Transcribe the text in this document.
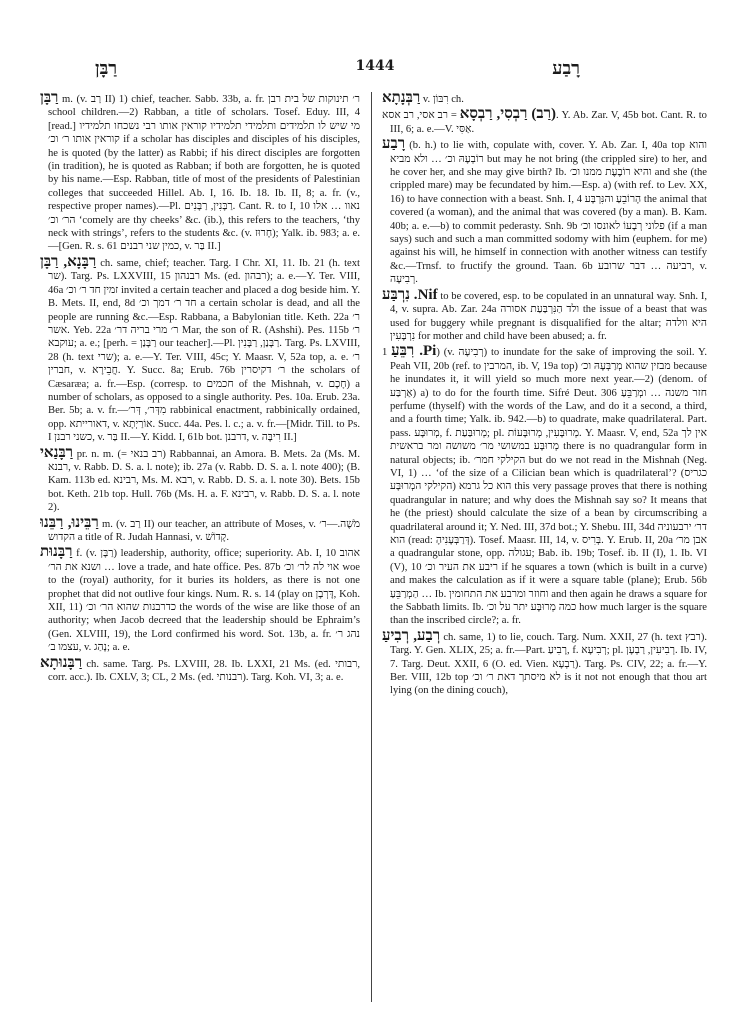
רַבָּן	1444	רָבַע

רַבָּן m. (v. רַב II) 1) chief, teacher. Sabb. 33b, a. fr. ר׳ תינוקות של בית רבן school children.—2) Rabban, a title of scholars. Tosef. Eduy. III, 4 [read.] מי שיש לו תלמידים ותלמידי תלמידיו קוראין אותו רבי נשכחו תלמידיו קוראין אותו ר׳ וכ׳ if a scholar has disciples and disciples of his disciples, he is quoted (by the latter) as Rabbi; if his direct disciples are forgotten (in tradition), he is quoted as Rabban; if both are forgotten, he is quoted by his name.—Esp. Rabban, title of most of the presidents of Palestinian colleges that succeeded Hillel. Ab. I, 16. Ib. 18. Ib. II, 8; a. fr. (v., respective proper names).—Pl. רַבָּנִין, רַבָּנִים. Cant. R. to I, 10 נאוו … אלו הר׳ וכ׳ ‘comely are thy cheeks’ &c. (ib.), this refers to the teachers, ‘thy neck with strings’, refers to the students &c. (v. חָרוּז); Yalk. ib. 983; a. e.—[Gen. R. s. 61 כמין שני רבנים, v. בַּר II.]

רַבָּנָא, רַבָּן ch. same, chief; teacher. Targ. I Chr. XI, 11. Ib. 21 (h. text שר). Targ. Ps. LXXVIII, 15 רבנהון Ms. (ed. רבהון); a. e.—Y. Ter. VIII, 46a זמין חד ר׳ וכ׳ invited a certain teacher and placed a dog beside him. Y. B. Mets. II, end, 8d חד ר׳ דמך וכ׳ a certain scholar is dead, and all the people are running &c.—Esp. Rabbana, a Babylonian title. Keth. 22a ר׳ אשר. Yeb. 22a ר׳ מרי בריה דר׳ Mar, the son of R. (Ashshi). Pes. 115b ר׳ עוקבא; a. e.; [perh. = רַבָּנַן our teacher].—Pl. רַבָּנַן, רַבָּנִין. Targ. Ps. LXVIII, 28 (h. text שרי); a. e.—Y. Ter. VIII, 45c; Y. Maasr. V, 52a top, a. e. ר׳ חברין, v. חֲבֵירָא. Y. Succ. 8a; Erub. 76b ר׳ דקיסרין the scholars of Cæsaræa; a. fr.—Esp. (corresp. to חכמים of the Mishnah, v. חָכָם) a number of scholars, as opposed to a single authority. Pes. 10a. Erub. 23a. Ber. 5b; a. v. fr.—מִדְּר׳, דְּר׳ rabbinical enactment, rabbinically ordained, opp. דאורייתא, v. אוֹרַיְתָא. Succ. 44a. Pes. l. c.; a. v. fr.—[Midr. Till. to Ps. I כשני רבנן, v. בַּר II.—Y. Kidd. I, 61b bot. דרבנן, v. רִיבָּה II.]

רַבָּנַאי pr. n. m. (= רב בנאי) Rabbannai, an Amora. B. Mets. 2a (Ms. M. רבנא, v. Rabb. D. S. a. l. note); ib. 27a (v. Rabb. D. S. a. l. note 400); (B. Kam. 113b ed. רבינא, Ms. M. רבא, v. Rabb. D. S. a. l. note 30). Bets. 15b bot. Keth. 21b top. Hull. 76b (Ms. H. a. F. רבינא, v. Rabb. D. S. a. l. note 2).

רַבֵּינוּ, רַבֵּנוּ m. (v. רַב II) our teacher, an attribute of Moses, v. מֹשֶׁה.—ר׳ הקדוש a title of R. Judah Hannasi, v. קָדוֹשׁ.

רַבָּנוּת f. (v. רַבָּן) leadership, authority, office; superiority. Ab. I, 10 אהוב … ושנא את הר׳ love a trade, and hate office. Pes. 87b אוי לה לר׳ וכ׳ woe to the (royal) authority, for it buries its holders, as there is not one prophet that did not outlive four kings. Num. R. s. 14 (play on דָּרְבָן, Koh. XII, 11) כדרבנות שהוא הר׳ וכ׳ the words of the wise are like those of an authority; when Jacob decreed that the leadership should be Ephraim’s (Gen. XLVIII, 19), the Lord confirmed his word. Sot. 13b, a. fr. נהג ר׳ עצמו ב׳, v. נָהַג; a. e.

רַבָּנוּתָא ch. same. Targ. Ps. LXVIII, 28. Ib. LXXI, 21 Ms. (ed. רבותי, corr. acc.). Ib. CXLV, 3; CL, 2 Ms. (ed. רבנותי). Targ. Koh. VI, 3; a. e.

רַבְּנָתָא v. רִבּוֹן ch.

(רַב) רַבְסִי, רַבְסָא = רב אסי, רב אסא. Y. Ab. Zar. V, 45b bot. Cant. R. to III, 6; a. e.—V. אַסִּי.

רָבַע (b. h.) to lie with, copulate with, cover. Y. Ab. Zar. I, 40a top והוא רוֹבְעָהּ וכ׳ … ולא מביא but may he not bring (the crippled sire) to her, and he cover her, and she may give birth? Ib. והיא רוֹבֶעֶת ממנו וכ׳ and she (the crippled mare) may be fecundated by him.—Esp. a) (with ref. to Lev. XX, 16) to have connection with a beast. Snh. I, 4 הָרוֹבֵעַ והנִּרְבָּע the animal that covered (a woman), and the animal that was covered (by a man). B. Kam. 40b; a. e.—b) to commit pederasty. Snh. 9b פלוני רְבָעוֹ לאונסו וכ׳ (if a man says) such and such a man committed sodomy with him (euphem. for me) against his will, he himself in connection with another witness can testify &c.—Trnsf. to fructify the ground. Taan. 6b רביעה … דבר שרובע, v. רְבִיעָה.

Nif. נִרְבַּע to be covered, esp. to be copulated in an unnatural way. Snh. I, 4, v. supra. Ab. Zar. 24a ולד הַנִּרְבַּעַת אסורה the issue of a beast that was used for buggery while pregnant is disqualified for the altar; היא וולדה נִרְבָּעִין for mother and child have been abused; a. fr.

Pi. רִבֵּעַ 1) (v. רְבִיעָה) to inundate for the sake of improving the soil. Y. Peah VII, 20b (ref. to המרבין, ib. V, 19a top) מבזין שהוא מְרַבְּעָהּ וכ׳ because he inundates it, it will yield so much more next year.—2) (denom. of אַרְבַּע) a) to do for the fourth time. Sifré Deut. 306 חזר משנה … ומְרַבֵּעַ perfume (thyself) with the words of the Law, and do it a second, a third, and a fourth time; Yalk. ib. 942.—b) to quadrate, make quadrilateral. Part. pass. מְרוּבָּע, f. מְרוּבַּעַת; pl. מְרוּבָּעִין, מְרוּבָּעוֹת. Y. Maasr. V, end, 52a אין לך מְרוּבָּע במשושי מר׳ משושה ומר בראשית there is no quadrangular form in natural objects; ib. הקילקי חמר׳ but do we not read in the Mishnah (Neg. VI, 1) … ‘of the size of a Cilician bean which is quadrilateral’? (כגריס הקילקי המְרוּבָּע) הוא ‏כל גרמא this very passage proves that there is nothing quadrangular in nature; and why does the Mishnah say so? It means that he (the priest) should calculate the size of a bean by circumscribing a quadrilateral around it; Y. Ned. III, 37d bot.; Y. Shebu. III, 34d דר׳ ירבעוניה הוא (read: דְּרַבְּעָנִיהָ). Tosef. Maasr. III, 14, v. בְּרִיס. Y. Erub. II, 20a אבן מר׳ a quadrangular stone, opp. עגולה; Bab. ib. 19b; Tosef. ib. II (I), 1. Ib. VI (V), 10 ריבע את העיר וכ׳ if he squares a town (which is built in a curve) and makes the calculation as if it were a square table (plane); Erub. 56b הַמְרַבֵּעַ … Ib. וחוזר ומרבע את התחומין and then again he draws a square for the Sabbath limits. Ib. כמה מְרוּבָּע יתר על וכ׳ how much larger is the square than the inscribed circle?; a. fr.

רְבַע, רְבִיעַ ch. same, 1) to lie, couch. Targ. Num. XXII, 27 (h. text רבץ). Targ. Y. Gen. XLIX, 25; a. fr.—Part. רָבִיעַ, f. רְבִיעָא; pl. רְבִיעִין, רַבְעָן. Ib. IV, 7. Targ. Deut. XXII, 6 (O. ed. Vien. רַבְעָא). Targ. Ps. CIV, 22; a. fr.—Y. Ber. VIII, 12b top לא מיסתך דאת ר׳ וכ׳ is it not not enough that thou art lying (on the dining couch),
